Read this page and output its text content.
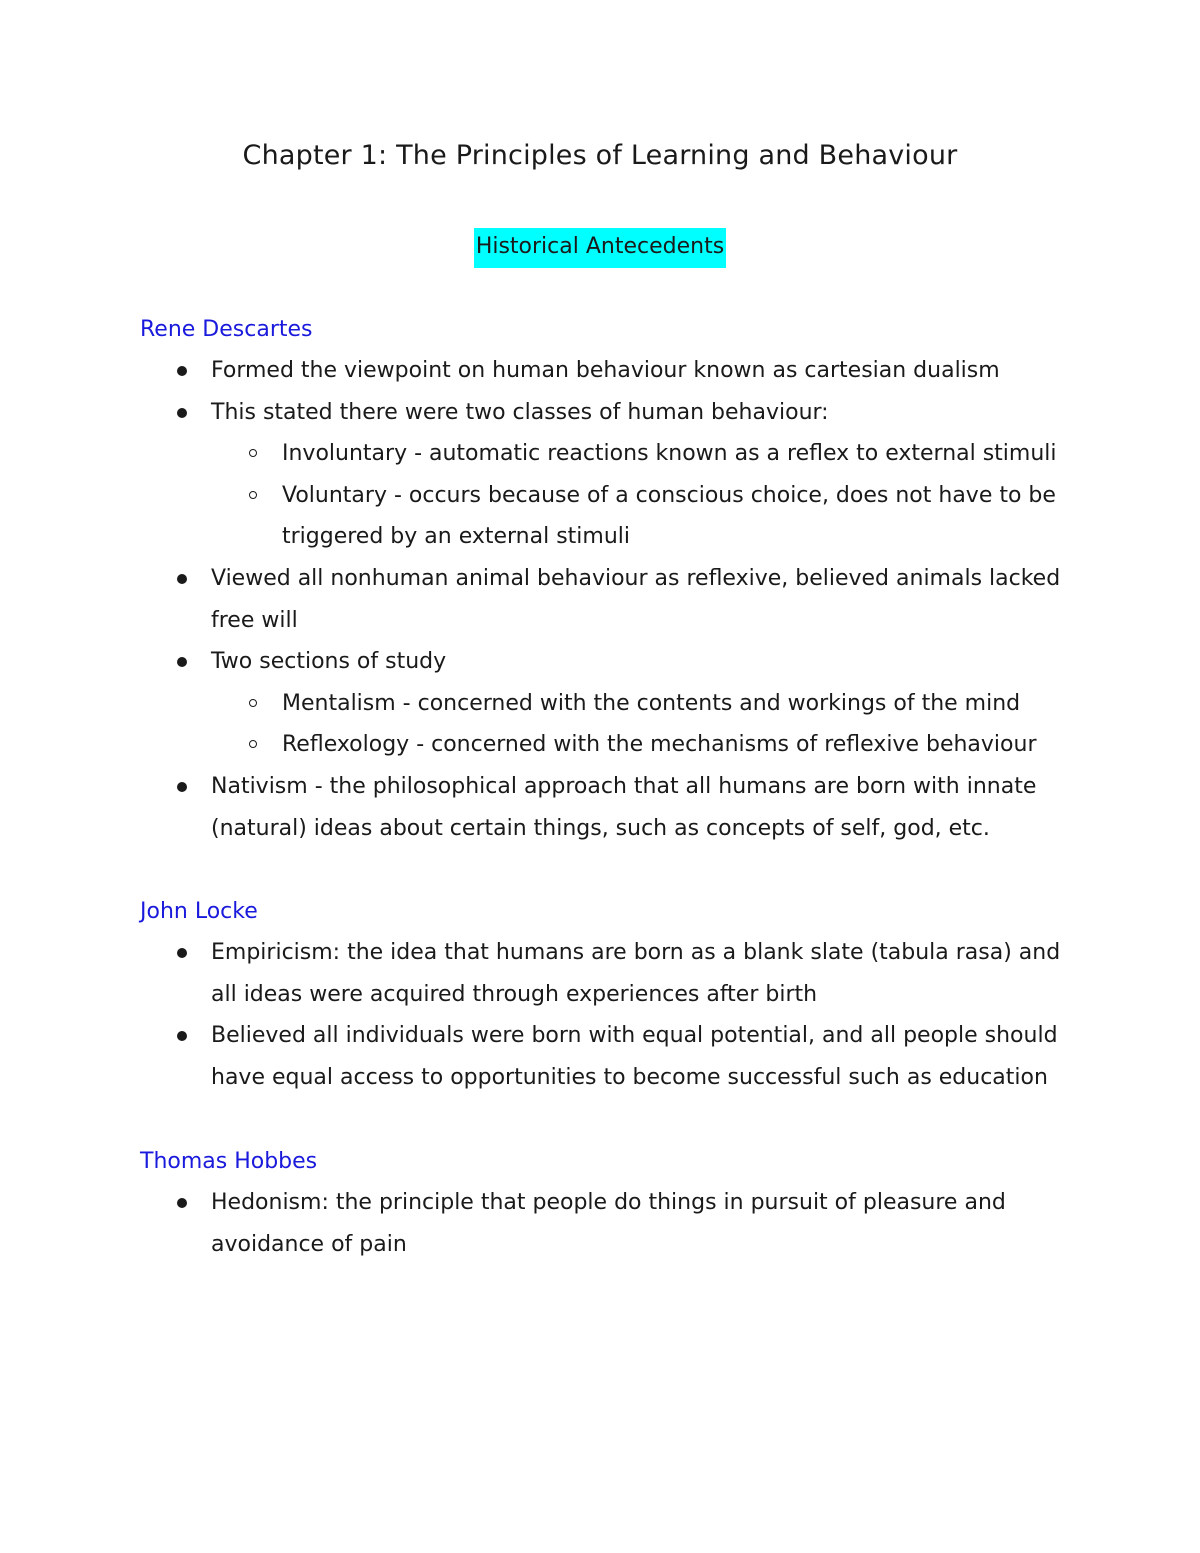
Chapter 1: The Principles of Learning and Behaviour
Historical Antecedents
Rene Descartes
Formed the viewpoint on human behaviour known as cartesian dualism
This stated there were two classes of human behaviour:
Involuntary - automatic reactions known as a reflex to external stimuli
Voluntary - occurs because of a conscious choice, does not have to be triggered by an external stimuli
Viewed all nonhuman animal behaviour as reflexive, believed animals lacked free will
Two sections of study
Mentalism - concerned with the contents and workings of the mind
Reflexology - concerned with the mechanisms of reflexive behaviour
Nativism - the philosophical approach that all humans are born with innate (natural) ideas about certain things, such as concepts of self, god, etc.
John Locke
Empiricism: the idea that humans are born as a blank slate (tabula rasa) and all ideas were acquired through experiences after birth
Believed all individuals were born with equal potential, and all people should have equal access to opportunities to become successful such as education
Thomas Hobbes
Hedonism: the principle that people do things in pursuit of pleasure and avoidance of pain
